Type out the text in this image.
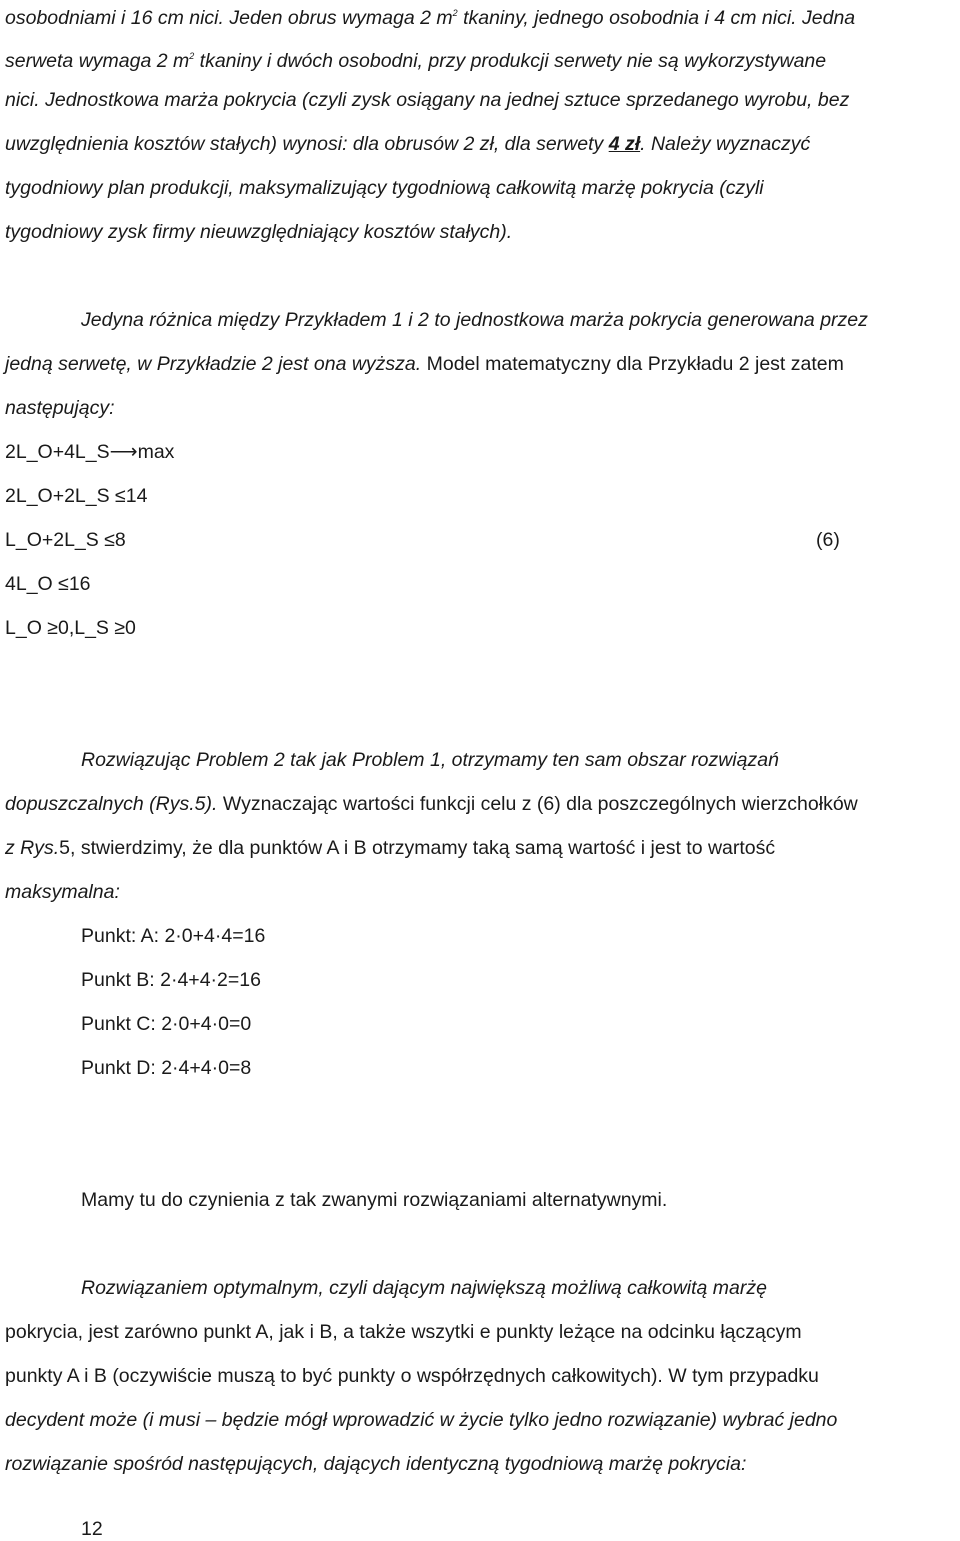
osobodniami i 16 cm nici. Jeden obrus wymaga 2 $m^2$ tkaniny, jednego osobodnia i 4 cm nici. Jedna
serweta wymaga 2 $m^2$ tkaniny i dwóch osobodni, przy produkcji serwety nie są wykorzystywane
nici. Jednostkowa marża pokrycia (czyli zysk osiągany na jednej sztuce sprzedanego wyrobu, bez
uwzględnienia kosztów stałych) wynosi: dla obrusów 2 zł, dla serwety 4 zł. Należy wyznaczyć
tygodniowy plan produkcji, maksymalizujący tygodniową całkowitą marżę pokrycia (czyli
tygodniowy zysk firmy nieuwzględniający kosztów stałych).
Jedyna różnica między Przykładem 1 i 2 to jednostkowa marża pokrycia generowana przez
jedną serwetę, w Przykładzie 2 jest ona wyższa. Model matematyczny dla Przykładu 2 jest zatem
następujący:
2L_O+4L_S⟶max
2L_O+2L_S ≤14
L_O+2L_S ≤8	(6)
4L_O ≤16
L_O ≥0,L_S ≥0
Rozwiązując Problem 2 tak jak Problem 1, otrzymamy ten sam obszar rozwiązań
dopuszczalnych (Rys.5). Wyznaczając wartości funkcji celu z (6) dla poszczególnych wierzchołków
z Rys.5, stwierdzimy, że dla punktów A i B otrzymamy taką samą wartość i jest to wartość
maksymalna:
Punkt: A: 2·0+4·4=16
Punkt B: 2·4+4·2=16
Punkt C: 2·0+4·0=0
Punkt D: 2·4+4·0=8
Mamy tu do czynienia z tak zwanymi rozwiązaniami alternatywnymi.
Rozwiązaniem optymalnym, czyli dającym największą możliwą całkowitą marżę
pokrycia, jest zarówno punkt A, jak i B, a także wszytki e punkty leżące na odcinku łączącym
punkty A i B (oczywiście muszą to być punkty o współrzędnych całkowitych). W tym przypadku
decydent może (i musi – będzie mógł wprowadzić w życie tylko jedno rozwiązanie) wybrać jedno
rozwiązanie spośród następujących, dających identyczną tygodniową marżę pokrycia:
12
